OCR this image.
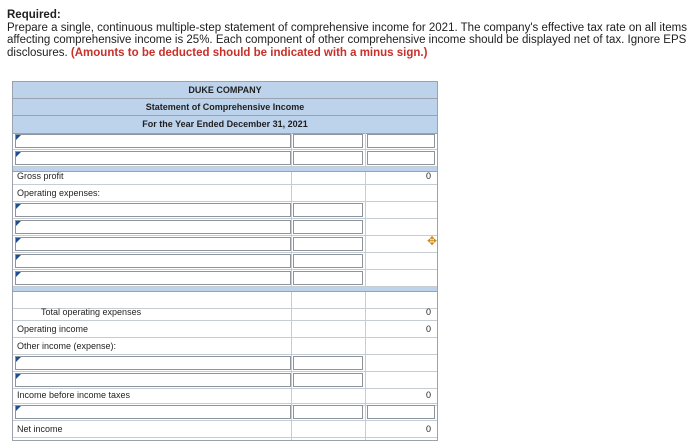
Required:
Prepare a single, continuous multiple-step statement of comprehensive income for 2021. The company's effective tax rate on all items affecting comprehensive income is 25%. Each component of other comprehensive income should be displayed net of tax. Ignore EPS disclosures. (Amounts to be deducted should be indicated with a minus sign.)
DUKE COMPANY
Statement of Comprehensive Income
For the Year Ended December 31, 2021
Gross profit	0
Operating expenses:
Total operating expenses	0
Operating income	0
Other income (expense):
Income before income taxes	0
Net income	0
✥
